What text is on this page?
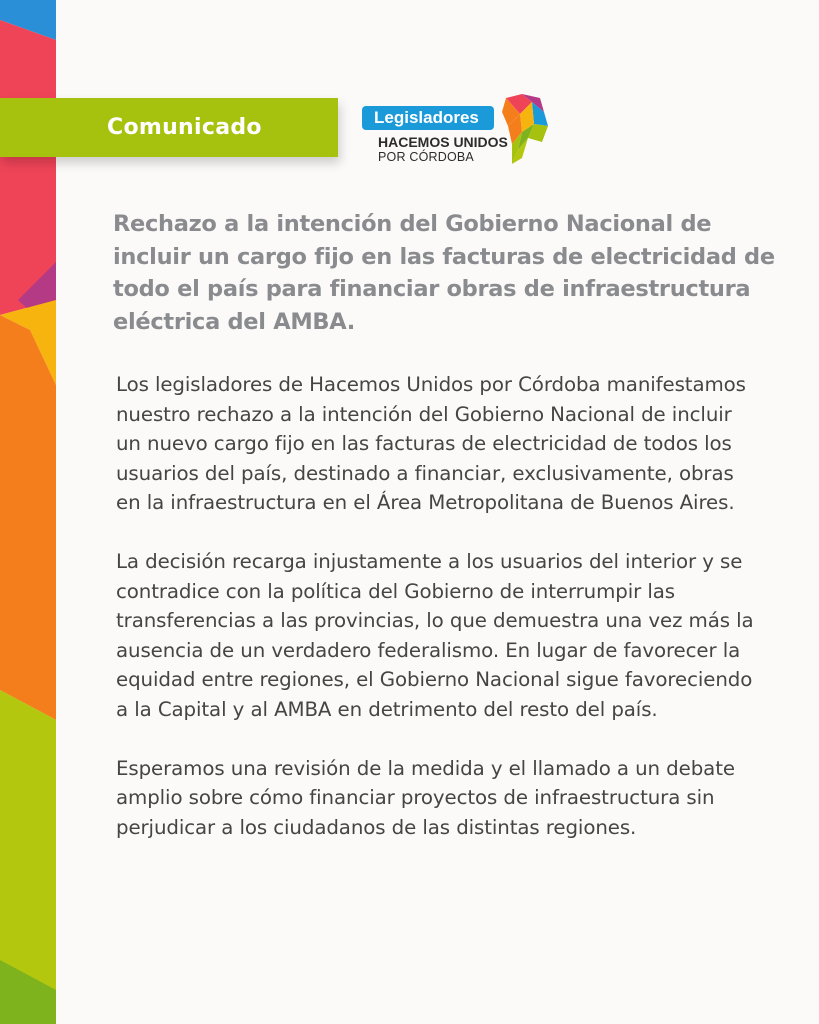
Comunicado	Legisladores
HACEMOS UNIDOS
POR CÓRDOBA
Rechazo a la intención del Gobierno Nacional de incluir un cargo fijo en las facturas de electricidad de todo el país para financiar obras de infraestructura eléctrica del AMBA.

Los legisladores de Hacemos Unidos por Córdoba manifestamos nuestro rechazo a la intención del Gobierno Nacional de incluir un nuevo cargo fijo en las facturas de electricidad de todos los usuarios del país, destinado a financiar, exclusivamente, obras en la infraestructura en el Área Metropolitana de Buenos Aires.

La decisión recarga injustamente a los usuarios del interior y se contradice con la política del Gobierno de interrumpir las transferencias a las provincias, lo que demuestra una vez más la ausencia de un verdadero federalismo. En lugar de favorecer la equidad entre regiones, el Gobierno Nacional sigue favoreciendo a la Capital y al AMBA en detrimento del resto del país.

Esperamos una revisión de la medida y el llamado a un debate amplio sobre cómo financiar proyectos de infraestructura sin perjudicar a los ciudadanos de las distintas regiones.
